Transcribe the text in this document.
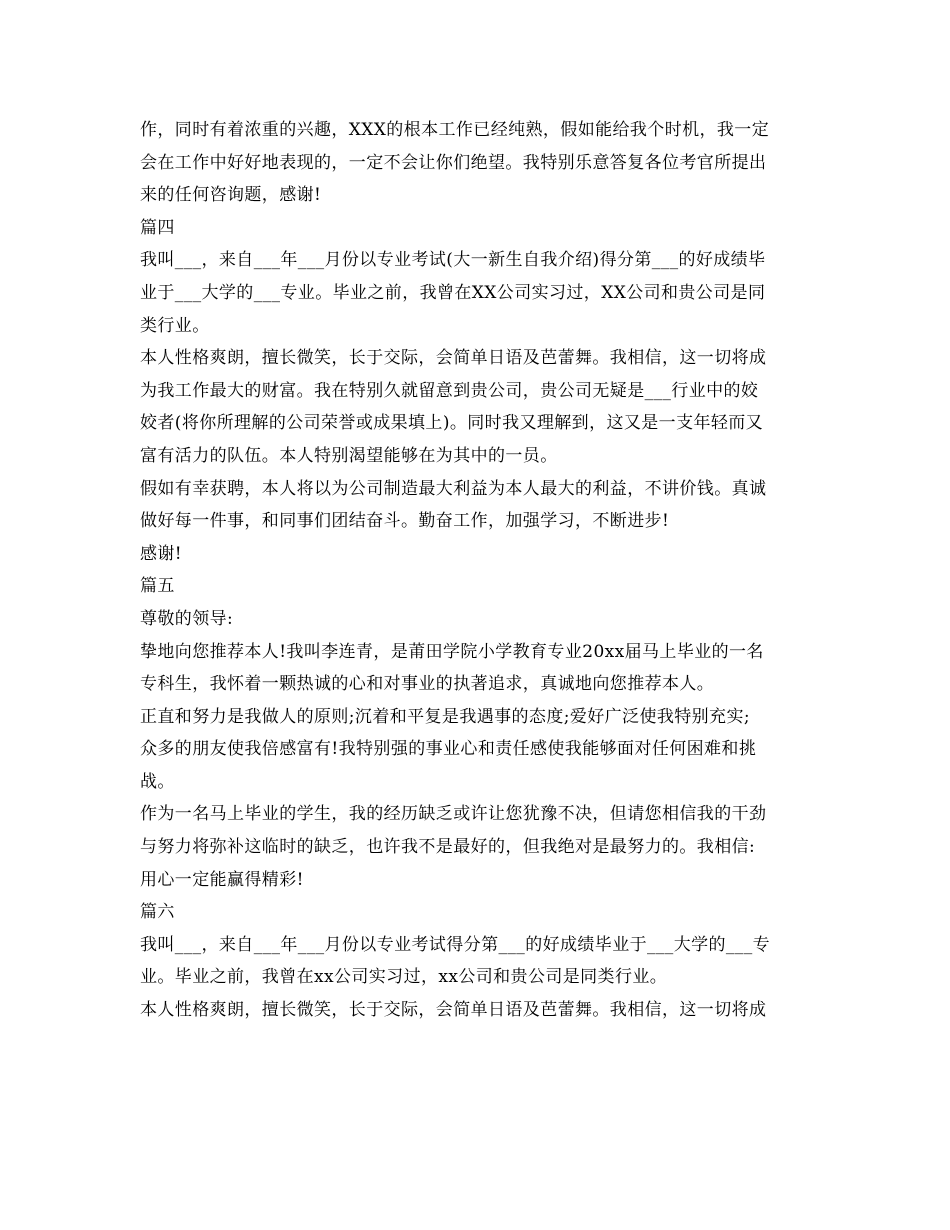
作，同时有着浓重的兴趣，XXX的根本工作已经纯熟，假如能给我个时机，我一定
会在工作中好好地表现的，一定不会让你们绝望。我特别乐意答复各位考官所提出
来的任何咨询题，感谢!
篇四
我叫___，来自___年___月份以专业考试(大一新生自我介绍)得分第___的好成绩毕
业于___大学的___专业。毕业之前，我曾在XX公司实习过，XX公司和贵公司是同
类行业。
本人性格爽朗，擅长微笑，长于交际，会简单日语及芭蕾舞。我相信，这一切将成
为我工作最大的财富。我在特别久就留意到贵公司，贵公司无疑是___行业中的姣
姣者(将你所理解的公司荣誉或成果填上)。同时我又理解到，这又是一支年轻而又
富有活力的队伍。本人特别渴望能够在为其中的一员。
假如有幸获聘，本人将以为公司制造最大利益为本人最大的利益，不讲价钱。真诚
做好每一件事，和同事们团结奋斗。勤奋工作，加强学习，不断进步!
感谢!
篇五
尊敬的领导:
挚地向您推荐本人!我叫李连青，是莆田学院小学教育专业20xx届马上毕业的一名
专科生，我怀着一颗热诚的心和对事业的执著追求，真诚地向您推荐本人。
正直和努力是我做人的原则;沉着和平复是我遇事的态度;爱好广泛使我特别充实;
众多的朋友使我倍感富有!我特别强的事业心和责任感使我能够面对任何困难和挑
战。
作为一名马上毕业的学生，我的经历缺乏或许让您犹豫不决，但请您相信我的干劲
与努力将弥补这临时的缺乏，也许我不是最好的，但我绝对是最努力的。我相信:
用心一定能赢得精彩!
篇六
我叫___，来自___年___月份以专业考试得分第___的好成绩毕业于___大学的___专
业。毕业之前，我曾在xx公司实习过，xx公司和贵公司是同类行业。
本人性格爽朗，擅长微笑，长于交际，会简单日语及芭蕾舞。我相信，这一切将成
